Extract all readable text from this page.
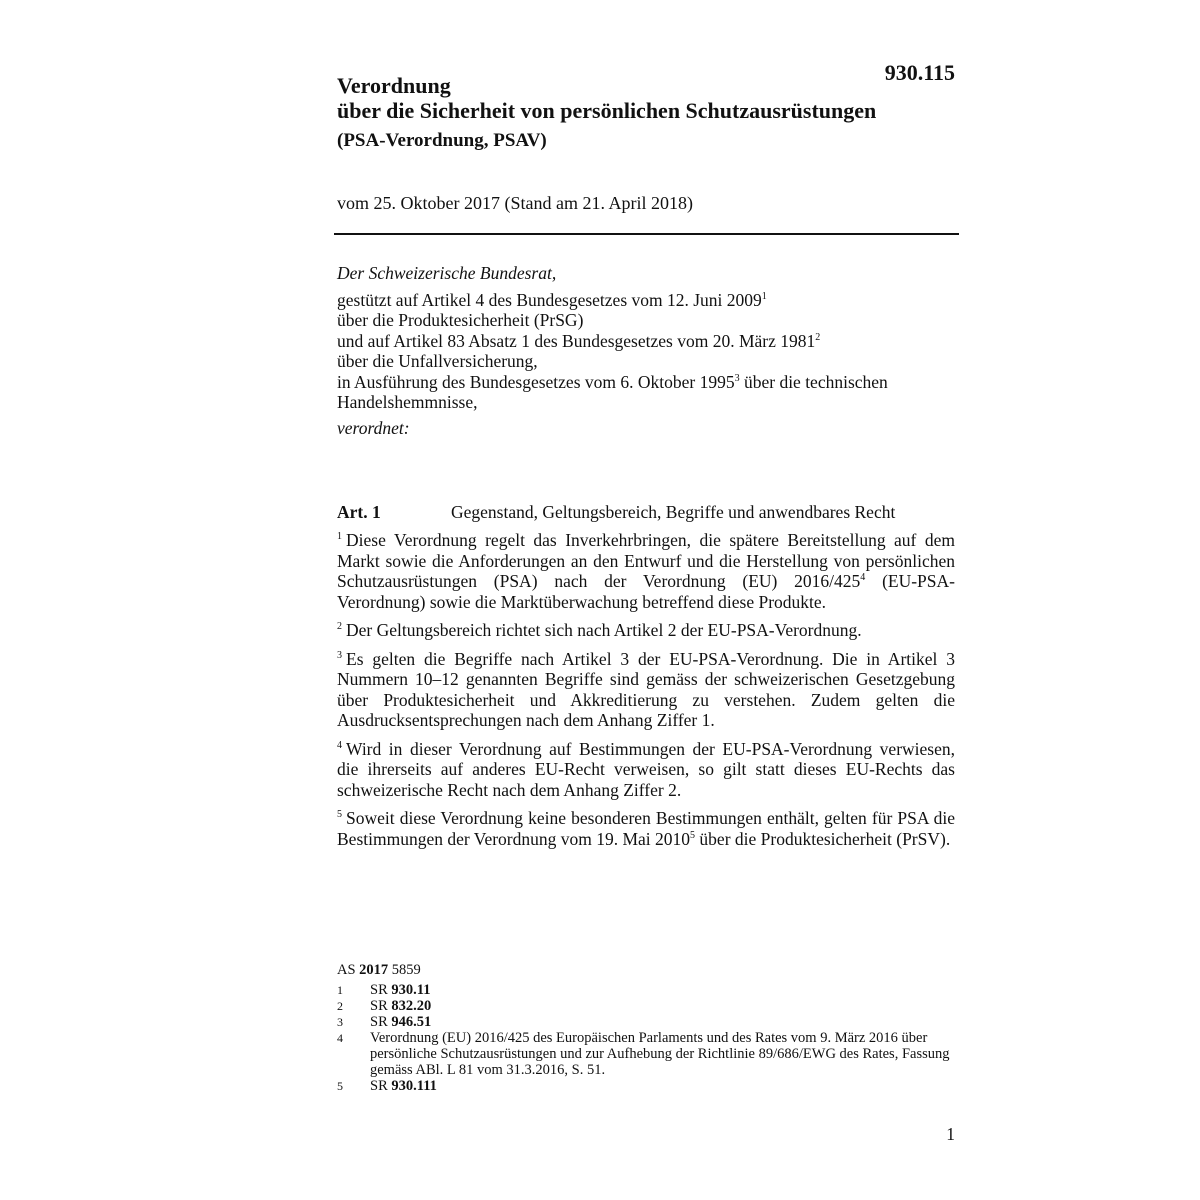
930.115
Verordnung
über die Sicherheit von persönlichen Schutzausrüstungen
(PSA-Verordnung, PSAV)
vom 25. Oktober 2017 (Stand am 21. April 2018)
Der Schweizerische Bundesrat,
gestützt auf Artikel 4 des Bundesgesetzes vom 12. Juni 2009$^1$
über die Produktesicherheit (PrSG)
und auf Artikel 83 Absatz 1 des Bundesgesetzes vom 20. März 1981$^2$
über die Unfallversicherung,
in Ausführung des Bundesgesetzes vom 6. Oktober 1995$^3$ über die technischen Handelshemmnisse,
verordnet:
Art. 1	Gegenstand, Geltungsbereich, Begriffe und anwendbares Recht

$^1$ Diese Verordnung regelt das Inverkehrbringen, die spätere Bereitstellung auf dem Markt sowie die Anforderungen an den Entwurf und die Herstellung von persönlichen Schutzausrüstungen (PSA) nach der Verordnung (EU) $2016/425^4$ (EU-PSA-Verordnung) sowie die Marktüberwachung betreffend diese Produkte.

$^2$ Der Geltungsbereich richtet sich nach Artikel 2 der EU-PSA-Verordnung.

$^3$ Es gelten die Begriffe nach Artikel 3 der EU-PSA-Verordnung. Die in Artikel 3 Nummern 10–12 genannten Begriffe sind gemäss der schweizerischen Gesetzgebung über Produktesicherheit und Akkreditierung zu verstehen. Zudem gelten die Ausdrucksentsprechungen nach dem Anhang Ziffer 1.

$^4$ Wird in dieser Verordnung auf Bestimmungen der EU-PSA-Verordnung verwiesen, die ihrerseits auf anderes EU-Recht verweisen, so gilt statt dieses EU-Rechts das schweizerische Recht nach dem Anhang Ziffer 2.

$^5$ Soweit diese Verordnung keine besonderen Bestimmungen enthält, gelten für PSA die Bestimmungen der Verordnung vom 19. Mai 2010$^5$ über die Produktesicherheit (PrSV).

AS 2017 5859
1	SR 930.11
2	SR 832.20
3	SR 946.51
4	Verordnung (EU) 2016/425 des Europäischen Parlaments und des Rates vom 9. März 2016 über persönliche Schutzausrüstungen und zur Aufhebung der Richtlinie 89/686/EWG des Rates, Fassung gemäss ABl. L 81 vom 31.3.2016, S. 51.
5	SR 930.111
1
